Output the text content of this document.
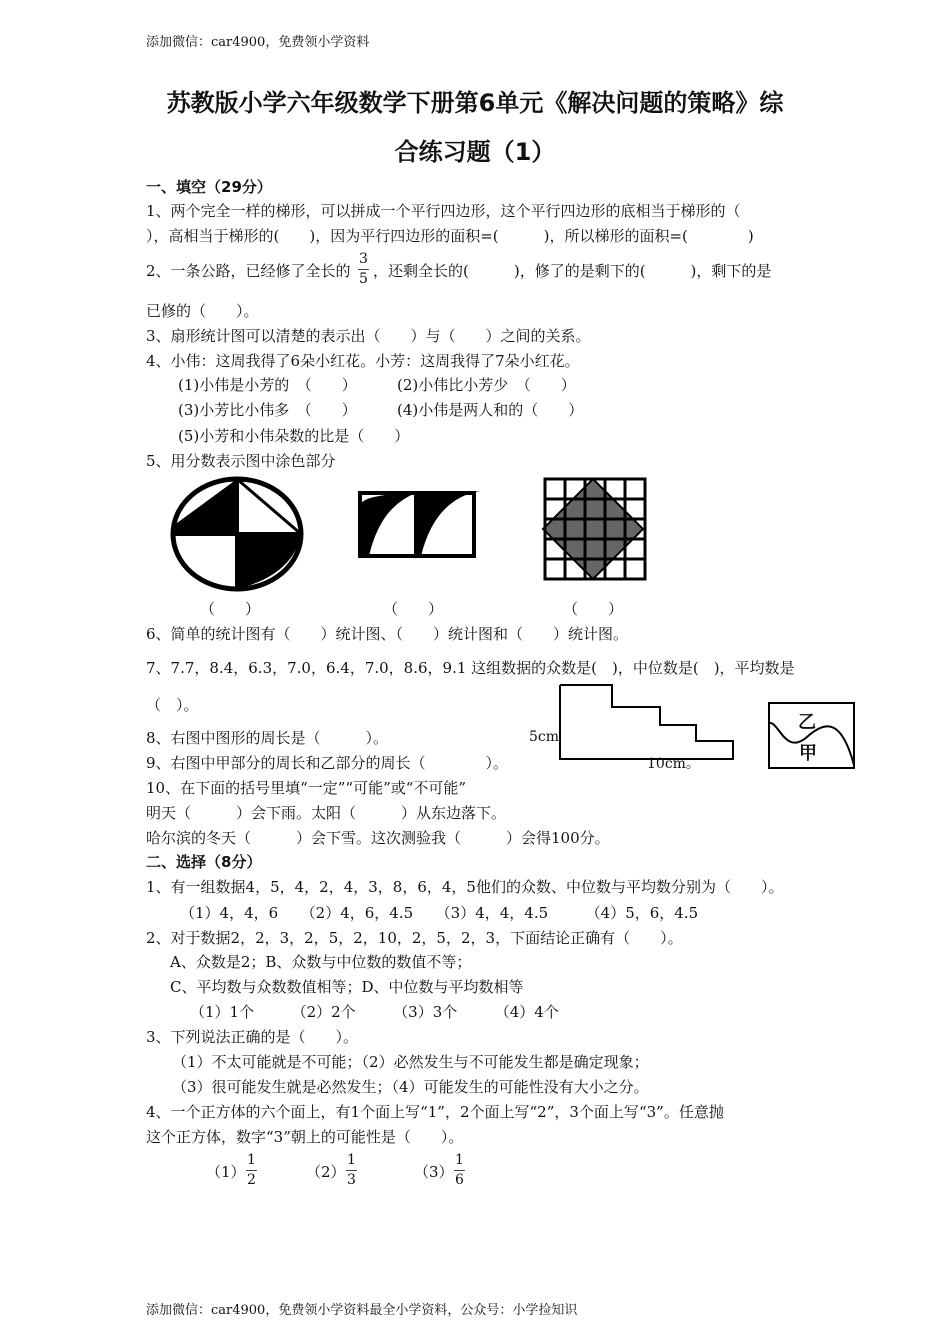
添加微信：car4900，免费领小学资料
苏教版小学六年级数学下册第6单元《解决问题的策略》综
合练习题（1）
一、填空（29分）
1、两个完全一样的梯形，可以拼成一个平行四边形，这个平行四边形的底相当于梯形的（
），高相当于梯形的(　　)，因为平行四边形的面积=(　　　)，所以梯形的面积=(　　　　)
2、一条公路，已经修了全长的
3
5 ，还剩全长的(　　　)，修了的是剩下的(　　　)，剩下的是
已修的（　　）。
3、扇形统计图可以清楚的表示出（　　）与（　　）之间的关系。
4、小伟：这周我得了6朵小红花。小芳：这周我得了7朵小红花。
(1)小伟是小芳的　（　　）	(2)小伟比小芳少　（　　）
(3)小芳比小伟多　（　　）	(4)小伟是两人和的（　　）
(5)小芳和小伟朵数的比是（　　）
5、用分数表示图中涂色部分
（　　）	（　　）	（　　）
6、简单的统计图有（　　）统计图、（　　）统计图和（　　）统计图。
7、7.7，8.4，6.3，7.0，6.4，7.0，8.6，9.1 这组数据的众数是(　)，中位数是(　)，平均数是
（　）。
5cm
10cm。
乙
甲
8、右图中图形的周长是（　　　）。
9、右图中甲部分的周长和乙部分的周长（　　　　）。
10、在下面的括号里填“一定”“可能”或“不可能”
明天（　　　）会下雨。太阳（　　　）从东边落下。
哈尔滨的冬天（　　　）会下雪。这次测验我（　　　）会得100分。
二、选择（8分）
1、有一组数据4，5，4，2，4，3，8，6，4，5他们的众数、中位数与平均数分别为（　　）。
（1）4，4，6　　（2）4，6，4.5　　（3）4，4，4.5　　　（4）5，6，4.5
2、对于数据2，2，3，2，5，2，10，2，5，2，3，下面结论正确有（　　）。
A、众数是2；B、众数与中位数的数值不等；
C、平均数与众数数值相等；D、中位数与平均数相等
（1）1个　　　（2）2个　　　（3）3个　　　（4）4个
3、下列说法正确的是（　　）。
（1）不太可能就是不可能；（2）必然发生与不可能发生都是确定现象；
（3）很可能发生就是必然发生；（4）可能发生的可能性没有大小之分。
4、一个正方体的六个面上，有1个面上写“1”，2个面上写“2”，3个面上写“3”。任意抛
这个正方体，数字“3”朝上的可能性是（　　）。
（1）
1
2	（2）
1
3	（3）
1
6
添加微信：car4900，免费领小学资料最全小学资料，公众号：小学捡知识
